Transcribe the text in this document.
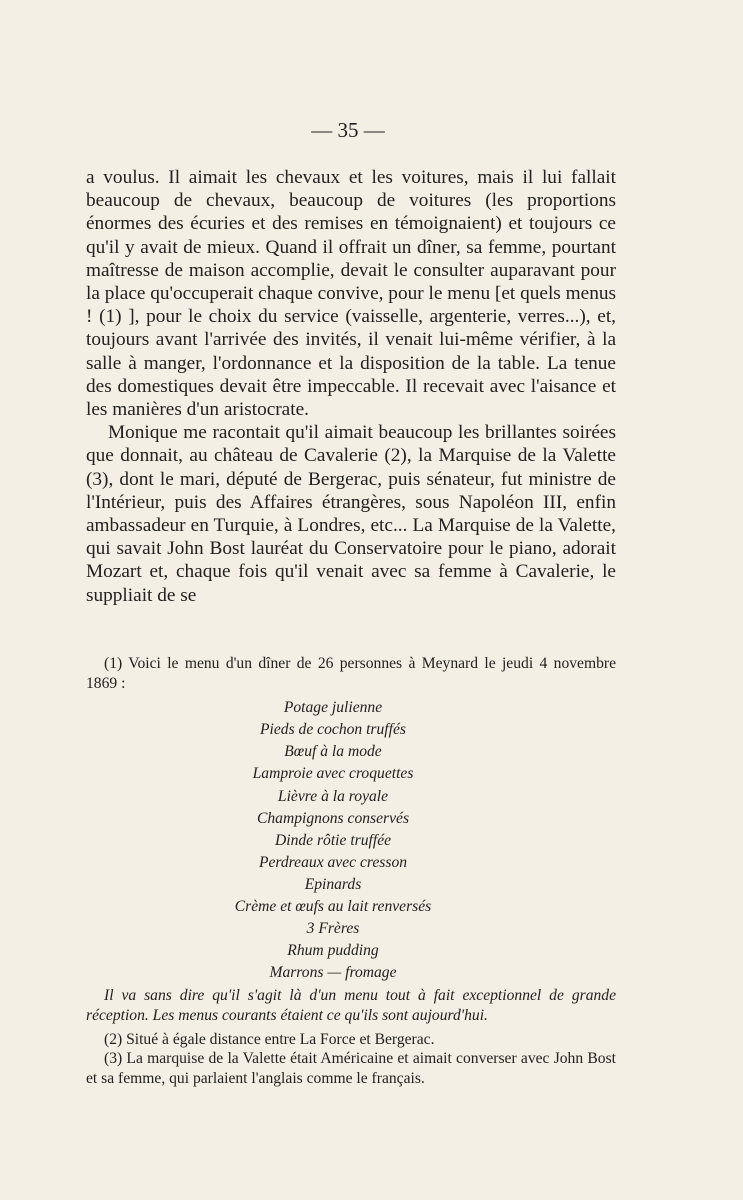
— 35 —

a voulus. Il aimait les chevaux et les voitures, mais il lui fallait beaucoup de chevaux, beaucoup de voitures (les proportions énormes des écuries et des remises en témoignaient) et toujours ce qu'il y avait de mieux. Quand il offrait un dîner, sa femme, pourtant maîtresse de maison accomplie, devait le consulter auparavant pour la place qu'occuperait chaque convive, pour le menu [et quels menus ! (1) ], pour le choix du service (vaisselle, argenterie, verres...), et, toujours avant l'arrivée des invités, il venait lui-même vérifier, à la salle à manger, l'ordonnance et la disposition de la table. La tenue des domestiques devait être impeccable. Il recevait avec l'aisance et les manières d'un aristocrate.

Monique me racontait qu'il aimait beaucoup les brillantes soirées que donnait, au château de Cavalerie (2), la Marquise de la Valette (3), dont le mari, député de Bergerac, puis sénateur, fut ministre de l'Intérieur, puis des Affaires étrangères, sous Napoléon III, enfin ambassadeur en Turquie, à Londres, etc... La Marquise de la Valette, qui savait John Bost lauréat du Conservatoire pour le piano, adorait Mozart et, chaque fois qu'il venait avec sa femme à Cavalerie, le suppliait de se

(1) Voici le menu d'un dîner de 26 personnes à Meynard le jeudi 4 novembre 1869 :

Potage julienne
Pieds de cochon truffés
Bœuf à la mode
Lamproie avec croquettes
Lièvre à la royale
Champignons conservés
Dinde rôtie truffée
Perdreaux avec cresson
Epinards
Crème et œufs au lait renversés
3 Frères
Rhum pudding
Marrons — fromage

Il va sans dire qu'il s'agit là d'un menu tout à fait exceptionnel de grande réception. Les menus courants étaient ce qu'ils sont aujourd'hui.

(2) Situé à égale distance entre La Force et Bergerac.

(3) La marquise de la Valette était Américaine et aimait converser avec John Bost et sa femme, qui parlaient l'anglais comme le français.
